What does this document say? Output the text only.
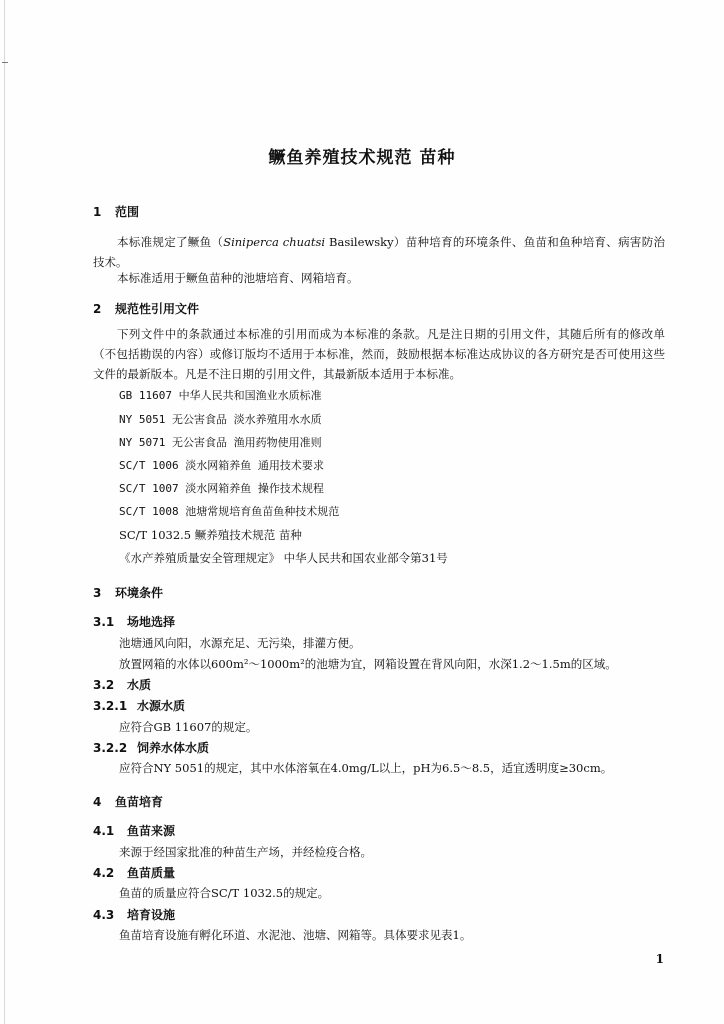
鳜鱼养殖技术规范 苗种
1 范围

本标准规定了鳜鱼（Siniperca chuatsi Basilewsky）苗种培育的环境条件、鱼苗和鱼种培育、病害防治技术。

本标准适用于鳜鱼苗种的池塘培育、网箱培育。

2 规范性引用文件

下列文件中的条款通过本标准的引用而成为本标准的条款。凡是注日期的引用文件，其随后所有的修改单（不包括勘误的内容）或修订版均不适用于本标准，然而，鼓励根据本标准达成协议的各方研究是否可使用这些文件的最新版本。凡是不注日期的引用文件，其最新版本适用于本标准。

GB 11607 中华人民共和国渔业水质标准
NY 5051 无公害食品 淡水养殖用水水质
NY 5071 无公害食品 渔用药物使用准则
SC/T 1006 淡水网箱养鱼 通用技术要求
SC/T 1007 淡水网箱养鱼 操作技术规程
SC/T 1008 池塘常规培育鱼苗鱼种技术规范
SC/T 1032.5 鳜养殖技术规范 苗种
《水产养殖质量安全管理规定》 中华人民共和国农业部令第31号
3 环境条件
3.1 场地选择
池塘通风向阳，水源充足、无污染，排灌方便。
放置网箱的水体以600m²～1000m²的池塘为宜，网箱设置在背风向阳，水深1.2～1.5m的区域。
3.2 水质
3.2.1 水源水质
应符合GB 11607的规定。
3.2.2 饲养水体水质
应符合NY 5051的规定，其中水体溶氧在4.0mg/L以上，pH为6.5～8.5，适宜透明度≥30cm。
4 鱼苗培育
4.1 鱼苗来源
来源于经国家批准的种苗生产场，并经检疫合格。
4.2 鱼苗质量
鱼苗的质量应符合SC/T 1032.5的规定。
4.3 培育设施
鱼苗培育设施有孵化环道、水泥池、池塘、网箱等。具体要求见表1。
1
